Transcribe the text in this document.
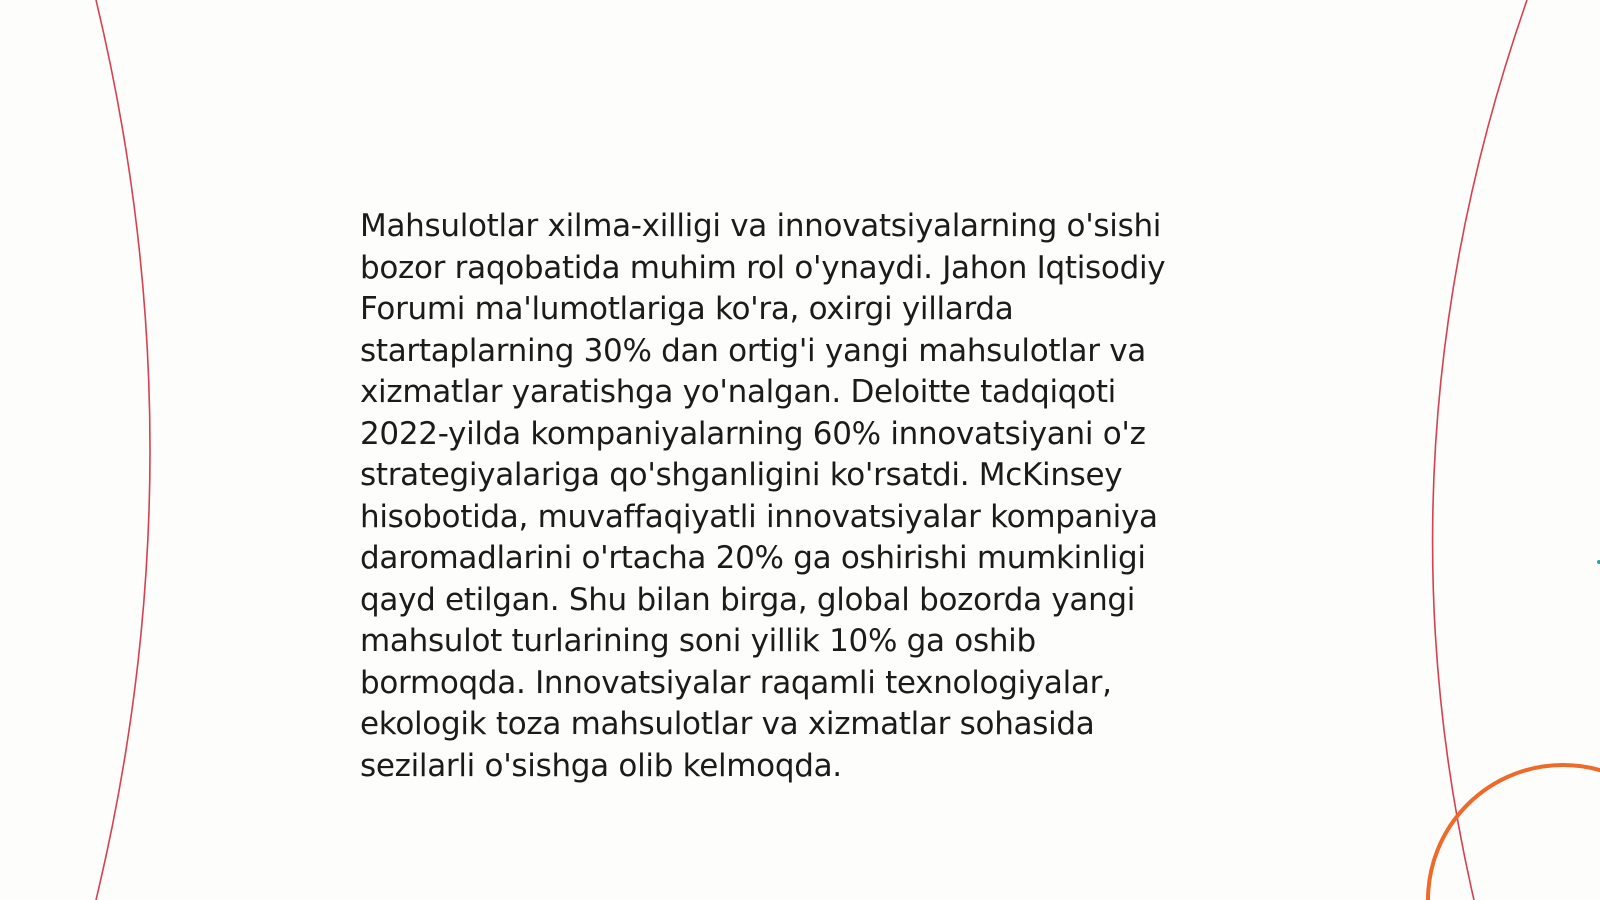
Mahsulotlar xilma-xilligi va innovatsiyalarning o'sishi
bozor raqobatida muhim rol o'ynaydi. Jahon Iqtisodiy
Forumi ma'lumotlariga ko'ra, oxirgi yillarda
startaplarning 30% dan ortig'i yangi mahsulotlar va
xizmatlar yaratishga yo'nalgan. Deloitte tadqiqoti
2022-yilda kompaniyalarning 60% innovatsiyani o'z
strategiyalariga qo'shganligini ko'rsatdi. McKinsey
hisobotida, muvaffaqiyatli innovatsiyalar kompaniya
daromadlarini o'rtacha 20% ga oshirishi mumkinligi
qayd etilgan. Shu bilan birga, global bozorda yangi
mahsulot turlarining soni yillik 10% ga oshib
bormoqda. Innovatsiyalar raqamli texnologiyalar,
ekologik toza mahsulotlar va xizmatlar sohasida
sezilarli o'sishga olib kelmoqda.
